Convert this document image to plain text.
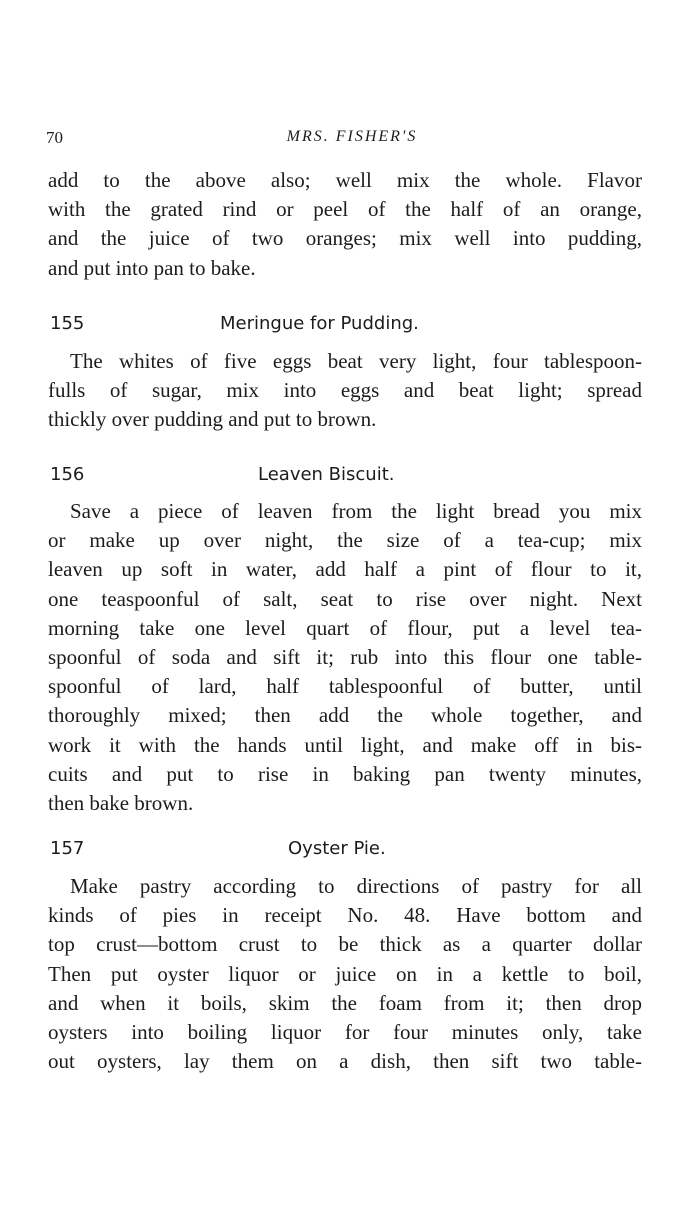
70	MRS. FISHER'S
add to the above also; well mix the whole. Flavor
with the grated rind or peel of the half of an orange,
and the juice of two oranges; mix well into pudding,
and put into pan to bake.
155	Meringue for Pudding.
The whites of five eggs beat very light, four tablespoon-
fulls of sugar, mix into eggs and beat light; spread
thickly over pudding and put to brown.
156	Leaven Biscuit.
Save a piece of leaven from the light bread you mix
or make up over night, the size of a tea-cup; mix
leaven up soft in water, add half a pint of flour to it,
one teaspoonful of salt, seat to rise over night. Next
morning take one level quart of flour, put a level tea-
spoonful of soda and sift it; rub into this flour one table-
spoonful of lard, half tablespoonful of butter, until
thoroughly mixed; then add the whole together, and
work it with the hands until light, and make off in bis-
cuits and put to rise in baking pan twenty minutes,
then bake brown.
157	Oyster Pie.
Make pastry according to directions of pastry for all
kinds of pies in receipt No. 48. Have bottom and
top crust—bottom crust to be thick as a quarter dollar
Then put oyster liquor or juice on in a kettle to boil,
and when it boils, skim the foam from it; then drop
oysters into boiling liquor for four minutes only, take
out oysters, lay them on a dish, then sift two table-
